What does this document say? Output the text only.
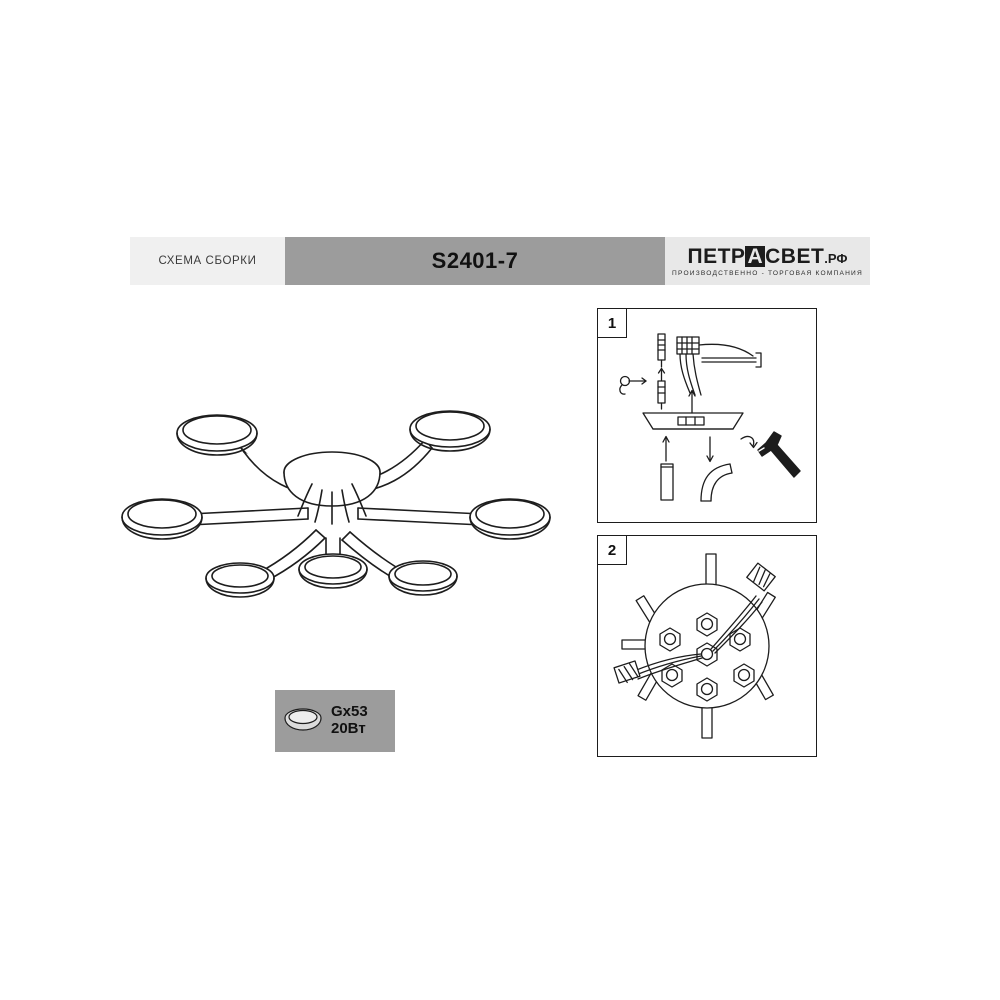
СХЕМА СБОРКИ	S2401-7	ПЕТРАСВЕТ.РФ
ПРОИЗВОДСТВЕННО - ТОРГОВАЯ КОМПАНИЯ
1
2
Gx53
20Вт
